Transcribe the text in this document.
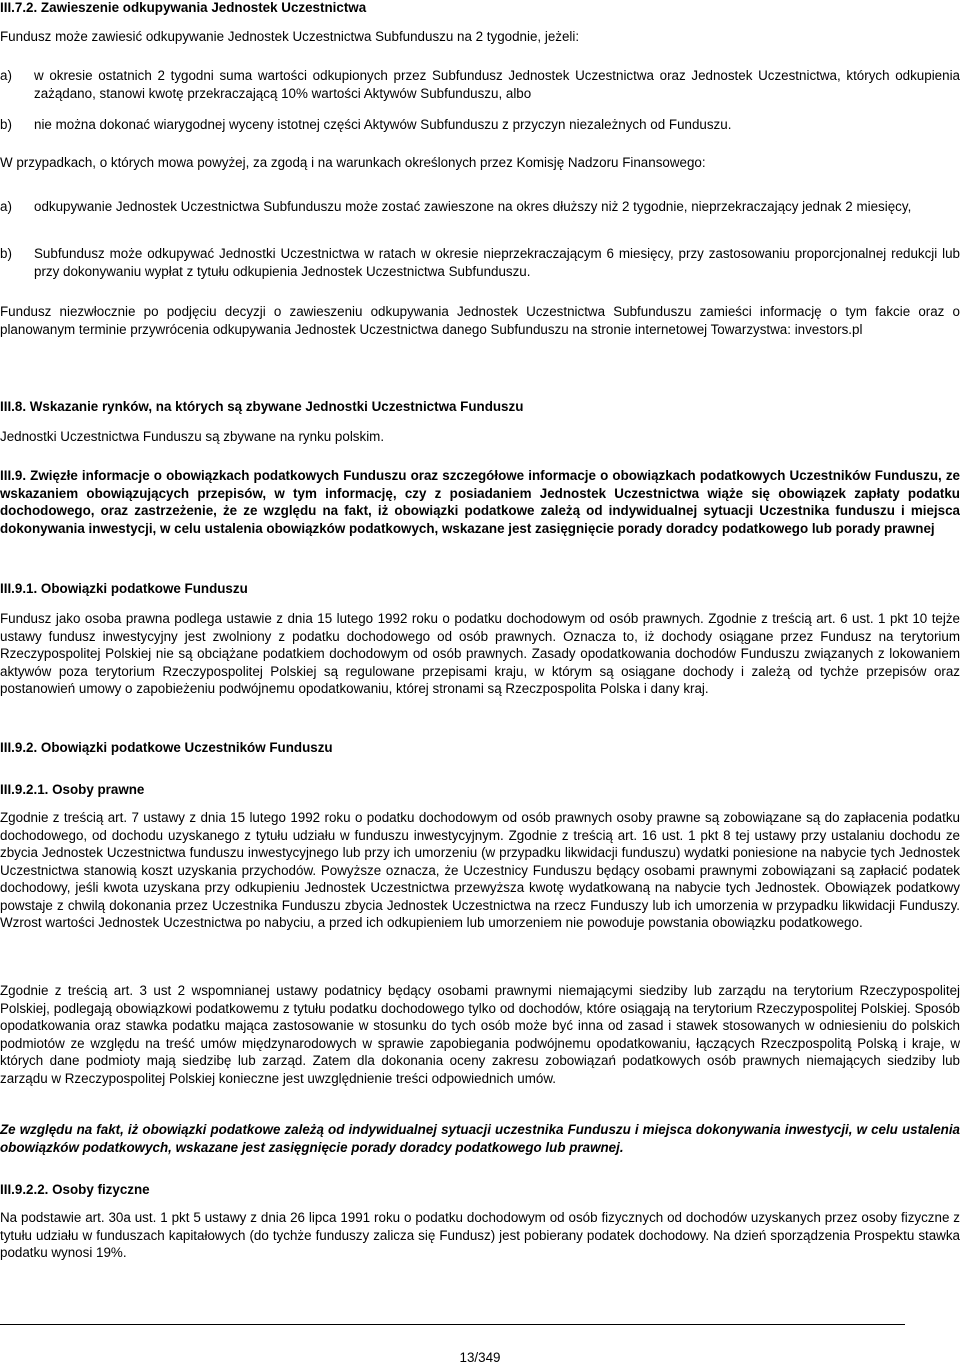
III.7.2. Zawieszenie odkupywania Jednostek Uczestnictwa

Fundusz może zawiesić odkupywanie Jednostek Uczestnictwa Subfunduszu na 2 tygodnie, jeżeli:

a)	w okresie ostatnich 2 tygodni suma wartości odkupionych przez Subfundusz Jednostek Uczestnictwa oraz Jednostek Uczestnictwa, których odkupienia zażądano, stanowi kwotę przekraczającą 10% wartości Aktywów Subfunduszu, albo

b)	nie można dokonać wiarygodnej wyceny istotnej części Aktywów Subfunduszu z przyczyn niezależnych od Funduszu.

W przypadkach, o których mowa powyżej, za zgodą i na warunkach określonych przez Komisję Nadzoru Finansowego:

a)	odkupywanie Jednostek Uczestnictwa Subfunduszu może zostać zawieszone na okres dłuższy niż 2 tygodnie, nieprzekraczający jednak 2 miesięcy,

b)	Subfundusz może odkupywać Jednostki Uczestnictwa w ratach w okresie nieprzekraczającym 6 miesięcy, przy zastosowaniu proporcjonalnej redukcji lub przy dokonywaniu wypłat z tytułu odkupienia Jednostek Uczestnictwa Subfunduszu.

Fundusz niezwłocznie po podjęciu decyzji o zawieszeniu odkupywania Jednostek Uczestnictwa Subfunduszu zamieści informację o tym fakcie oraz o planowanym terminie przywrócenia odkupywania Jednostek Uczestnictwa danego Subfunduszu na stronie internetowej Towarzystwa: investors.pl

III.8. Wskazanie rynków, na których są zbywane Jednostki Uczestnictwa Funduszu

Jednostki Uczestnictwa Funduszu są zbywane na rynku polskim.

III.9. Zwięzłe informacje o obowiązkach podatkowych Funduszu oraz szczegółowe informacje o obowiązkach podatkowych Uczestników Funduszu, ze wskazaniem obowiązujących przepisów, w tym informację, czy z posiadaniem Jednostek Uczestnictwa wiąże się obowiązek zapłaty podatku dochodowego, oraz zastrzeżenie, że ze względu na fakt, iż obowiązki podatkowe zależą od indywidualnej sytuacji Uczestnika funduszu i miejsca dokonywania inwestycji, w celu ustalenia obowiązków podatkowych, wskazane jest zasięgnięcie porady doradcy podatkowego lub porady prawnej

III.9.1. Obowiązki podatkowe Funduszu

Fundusz jako osoba prawna podlega ustawie z dnia 15 lutego 1992 roku o podatku dochodowym od osób prawnych. Zgodnie z treścią art. 6 ust. 1 pkt 10 tejże ustawy fundusz inwestycyjny jest zwolniony z podatku dochodowego od osób prawnych. Oznacza to, iż dochody osiągane przez Fundusz na terytorium Rzeczypospolitej Polskiej nie są obciążane podatkiem dochodowym od osób prawnych. Zasady opodatkowania dochodów Funduszu związanych z lokowaniem aktywów poza terytorium Rzeczypospolitej Polskiej są regulowane przepisami kraju, w którym są osiągane dochody i zależą od tychże przepisów oraz postanowień umowy o zapobieżeniu podwójnemu opodatkowaniu, której stronami są Rzeczpospolita Polska i dany kraj.

III.9.2. Obowiązki podatkowe Uczestników Funduszu

III.9.2.1. Osoby prawne

Zgodnie z treścią art. 7 ustawy z dnia 15 lutego 1992 roku o podatku dochodowym od osób prawnych osoby prawne są zobowiązane są do zapłacenia podatku dochodowego, od dochodu uzyskanego z tytułu udziału w funduszu inwestycyjnym. Zgodnie z treścią art. 16 ust. 1 pkt 8 tej ustawy przy ustalaniu dochodu ze zbycia Jednostek Uczestnictwa funduszu inwestycyjnego lub przy ich umorzeniu (w przypadku likwidacji funduszu) wydatki poniesione na nabycie tych Jednostek Uczestnictwa stanowią koszt uzyskania przychodów. Powyższe oznacza, że Uczestnicy Funduszu będący osobami prawnymi zobowiązani są zapłacić podatek dochodowy, jeśli kwota uzyskana przy odkupieniu Jednostek Uczestnictwa przewyższa kwotę wydatkowaną na nabycie tych Jednostek. Obowiązek podatkowy powstaje z chwilą dokonania przez Uczestnika Funduszu zbycia Jednostek Uczestnictwa na rzecz Funduszy lub ich umorzenia w przypadku likwidacji Funduszy. Wzrost wartości Jednostek Uczestnictwa po nabyciu, a przed ich odkupieniem lub umorzeniem nie powoduje powstania obowiązku podatkowego.

Zgodnie z treścią art. 3 ust 2 wspomnianej ustawy podatnicy będący osobami prawnymi niemającymi siedziby lub zarządu na terytorium Rzeczypospolitej Polskiej, podlegają obowiązkowi podatkowemu z tytułu podatku dochodowego tylko od dochodów, które osiągają na terytorium Rzeczypospolitej Polskiej. Sposób opodatkowania oraz stawka podatku mająca zastosowanie w stosunku do tych osób może być inna od zasad i stawek stosowanych w odniesieniu do polskich podmiotów ze względu na treść umów międzynarodowych w sprawie zapobiegania podwójnemu opodatkowaniu, łączących Rzeczpospolitą Polską i kraje, w których dane podmioty mają siedzibę lub zarząd. Zatem dla dokonania oceny zakresu zobowiązań podatkowych osób prawnych niemających siedziby lub zarządu w Rzeczypospolitej Polskiej konieczne jest uwzględnienie treści odpowiednich umów.

Ze względu na fakt, iż obowiązki podatkowe zależą od indywidualnej sytuacji uczestnika Funduszu i miejsca dokonywania inwestycji, w celu ustalenia obowiązków podatkowych, wskazane jest zasięgnięcie porady doradcy podatkowego lub prawnej.

III.9.2.2. Osoby fizyczne

Na podstawie art. 30a ust. 1 pkt 5 ustawy z dnia 26 lipca 1991 roku o podatku dochodowym od osób fizycznych od dochodów uzyskanych przez osoby fizyczne z tytułu udziału w funduszach kapitałowych (do tychże funduszy zalicza się Fundusz) jest pobierany podatek dochodowy. Na dzień sporządzenia Prospektu stawka podatku wynosi 19%.

13/349
